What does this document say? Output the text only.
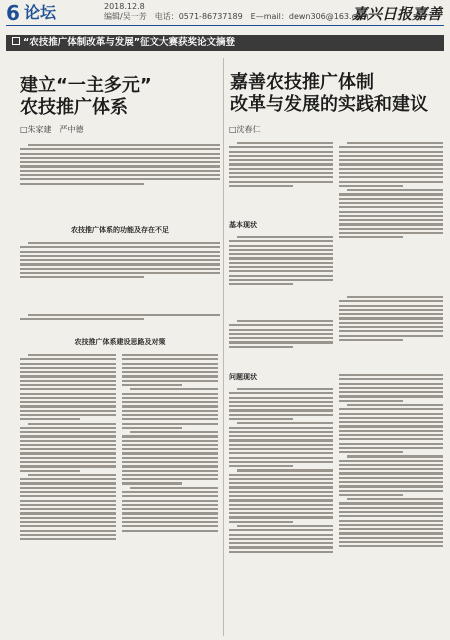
6 论坛	2018.12.8
编辑/吴一芳 电话：0571-86737189 E—mail：dewn306@163.com
嘉兴日报嘉善
“农技推广体制改革与发展”征文大赛获奖论文摘登
建立“一主多元”
农技推广体系
□朱家建　严中德
农技推广体系的功能及存在不足
农技推广体系建设思路及对策
嘉善农技推广体制
改革与发展的实践和建议
□沈春仁
基本现状
问题现状
